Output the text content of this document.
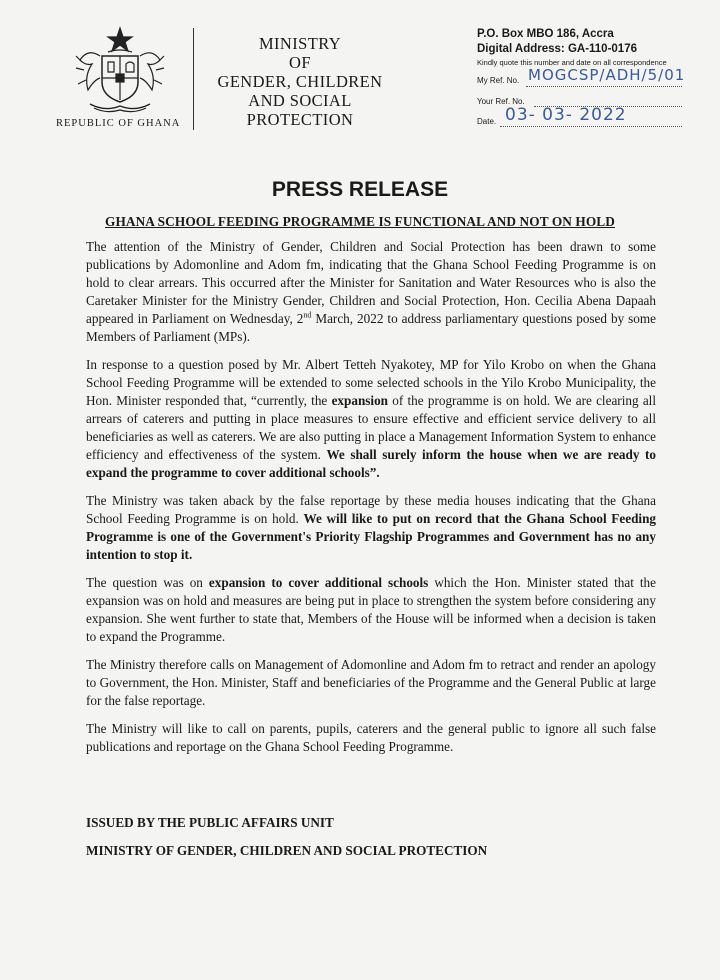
REPUBLIC OF GHANA
MINISTRY
OF
GENDER, CHILDREN
AND SOCIAL
PROTECTION
P.O. Box MBO 186, Accra
Digital Address: GA-110-0176
Kindly quote this number and date on all correspondence
My Ref. No. MOGCSP/ADH/5/01
Your Ref. No.
Date. 03- 03- 2022
PRESS RELEASE
GHANA SCHOOL FEEDING PROGRAMME IS FUNCTIONAL AND NOT ON HOLD

The attention of the Ministry of Gender, Children and Social Protection has been drawn to some publications by Adomonline and Adom fm, indicating that the Ghana School Feeding Programme is on hold to clear arrears. This occurred after the Minister for Sanitation and Water Resources who is also the Caretaker Minister for the Ministry Gender, Children and Social Protection, Hon. Cecilia Abena Dapaah appeared in Parliament on Wednesday, 2nd March, 2022 to address parliamentary questions posed by some Members of Parliament (MPs).

In response to a question posed by Mr. Albert Tetteh Nyakotey, MP for Yilo Krobo on when the Ghana School Feeding Programme will be extended to some selected schools in the Yilo Krobo Municipality, the Hon. Minister responded that, “currently, the expansion of the programme is on hold. We are clearing all arrears of caterers and putting in place measures to ensure effective and efficient service delivery to all beneficiaries as well as caterers. We are also putting in place a Management Information System to enhance efficiency and effectiveness of the system. We shall surely inform the house when we are ready to expand the programme to cover additional schools”.

The Ministry was taken aback by the false reportage by these media houses indicating that the Ghana School Feeding Programme is on hold. We will like to put on record that the Ghana School Feeding Programme is one of the Government's Priority Flagship Programmes and Government has no any intention to stop it.

The question was on expansion to cover additional schools which the Hon. Minister stated that the expansion was on hold and measures are being put in place to strengthen the system before considering any expansion. She went further to state that, Members of the House will be informed when a decision is taken to expand the Programme.

The Ministry therefore calls on Management of Adomonline and Adom fm to retract and render an apology to Government, the Hon. Minister, Staff and beneficiaries of the Programme and the General Public at large for the false reportage.

The Ministry will like to call on parents, pupils, caterers and the general public to ignore all such false publications and reportage on the Ghana School Feeding Programme.

ISSUED BY THE PUBLIC AFFAIRS UNIT
MINISTRY OF GENDER, CHILDREN AND SOCIAL PROTECTION
